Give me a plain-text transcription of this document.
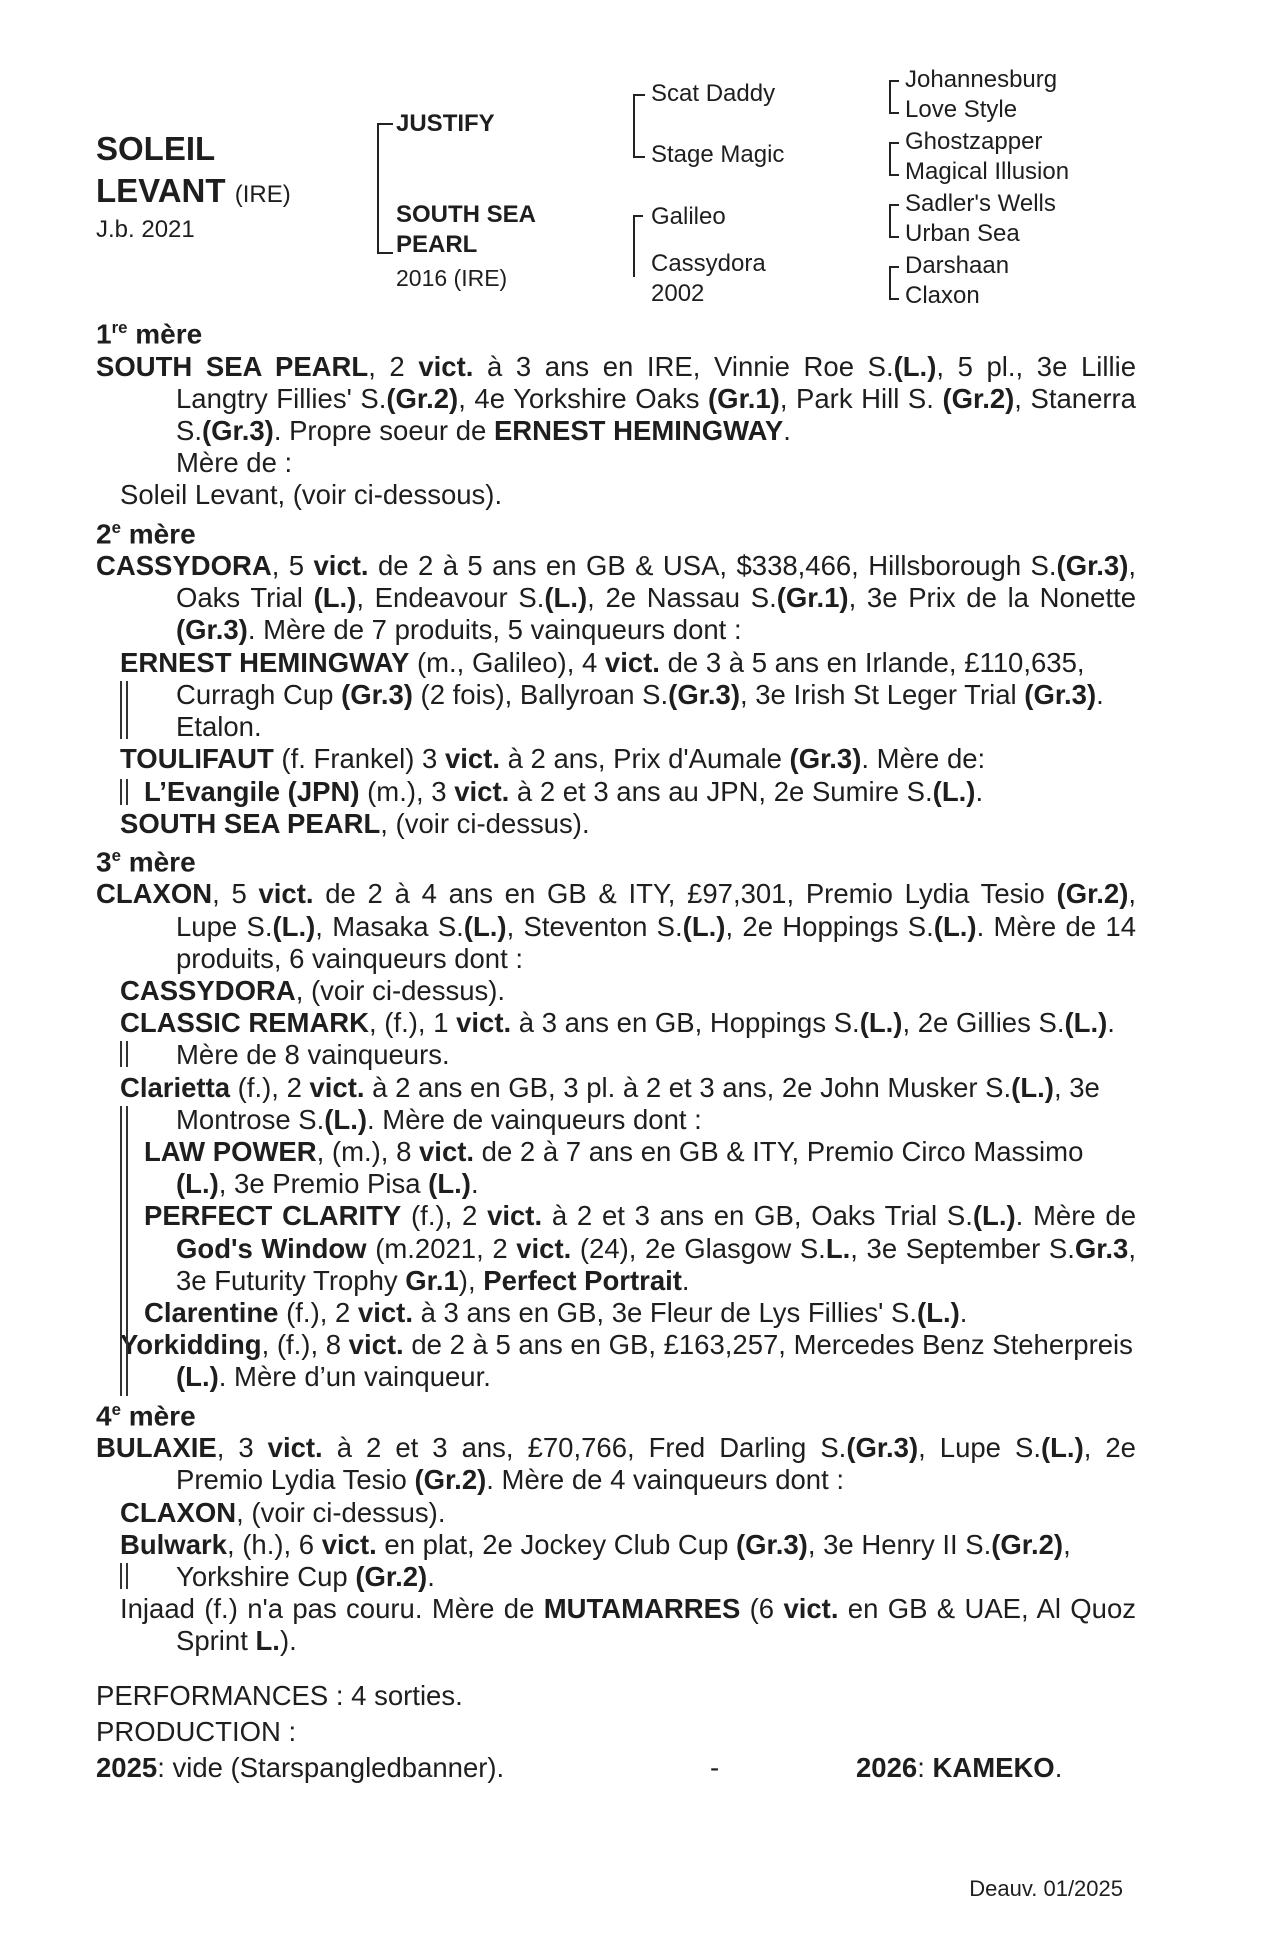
SOLEIL
LEVANT (IRE)
J.b. 2021
JUSTIFY
SOUTH SEA
PEARL
2016 (IRE)
Scat Daddy
Stage Magic
Galileo
Cassydora
2002
Johannesburg
Love Style
Ghostzapper
Magical Illusion
Sadler's Wells
Urban Sea
Darshaan
Claxon
1re mère
SOUTH SEA PEARL, 2 vict. à 3 ans en IRE, Vinnie Roe S.(L.), 5 pl., 3e Lillie Langtry Fillies' S.(Gr.2), 4e Yorkshire Oaks (Gr.1), Park Hill S. (Gr.2), Stanerra S.(Gr.3). Propre soeur de ERNEST HEMINGWAY.
Mère de :
Soleil Levant, (voir ci-dessous).
2e mère
CASSYDORA, 5 vict. de 2 à 5 ans en GB & USA, $338,466, Hillsborough S.(Gr.3), Oaks Trial (L.), Endeavour S.(L.), 2e Nassau S.(Gr.1), 3e Prix de la Nonette (Gr.3). Mère de 7 produits, 5 vainqueurs dont :
ERNEST HEMINGWAY (m., Galileo), 4 vict. de 3 à 5 ans en Irlande, £110,635, Curragh Cup (Gr.3) (2 fois), Ballyroan S.(Gr.3), 3e Irish St Leger Trial (Gr.3). Etalon.
TOULIFAUT (f. Frankel) 3 vict. à 2 ans, Prix d'Aumale (Gr.3). Mère de:
L’Evangile (JPN) (m.), 3 vict. à 2 et 3 ans au JPN, 2e Sumire S.(L.).
SOUTH SEA PEARL, (voir ci-dessus).
3e mère
CLAXON, 5 vict. de 2 à 4 ans en GB & ITY, £97,301, Premio Lydia Tesio (Gr.2), Lupe S.(L.), Masaka S.(L.), Steventon S.(L.), 2e Hoppings S.(L.). Mère de 14 produits, 6 vainqueurs dont :
CASSYDORA, (voir ci-dessus).
CLASSIC REMARK, (f.), 1 vict. à 3 ans en GB, Hoppings S.(L.), 2e Gillies S.(L.). Mère de 8 vainqueurs.
Clarietta (f.), 2 vict. à 2 ans en GB, 3 pl. à 2 et 3 ans, 2e John Musker S.(L.), 3e Montrose S.(L.). Mère de vainqueurs dont :
LAW POWER, (m.), 8 vict. de 2 à 7 ans en GB & ITY, Premio Circo Massimo (L.), 3e Premio Pisa (L.).
PERFECT CLARITY (f.), 2 vict. à 2 et 3 ans en GB, Oaks Trial S.(L.). Mère de God's Window (m.2021, 2 vict. (24), 2e Glasgow S.L., 3e September S.Gr.3, 3e Futurity Trophy Gr.1), Perfect Portrait.
Clarentine (f.), 2 vict. à 3 ans en GB, 3e Fleur de Lys Fillies' S.(L.).
Yorkidding, (f.), 8 vict. de 2 à 5 ans en GB, £163,257, Mercedes Benz Steherpreis (L.). Mère d’un vainqueur.
4e mère
BULAXIE, 3 vict. à 2 et 3 ans, £70,766, Fred Darling S.(Gr.3), Lupe S.(L.), 2e Premio Lydia Tesio (Gr.2). Mère de 4 vainqueurs dont :
CLAXON, (voir ci-dessus).
Bulwark, (h.), 6 vict. en plat, 2e Jockey Club Cup (Gr.3), 3e Henry II S.(Gr.2), Yorkshire Cup (Gr.2).
Injaad (f.) n'a pas couru. Mère de MUTAMARRES (6 vict. en GB & UAE, Al Quoz Sprint L.).
PERFORMANCES : 4 sorties.
PRODUCTION :
2025: vide (Starspangledbanner).	-	2026: KAMEKO.
Deauv. 01/2025
